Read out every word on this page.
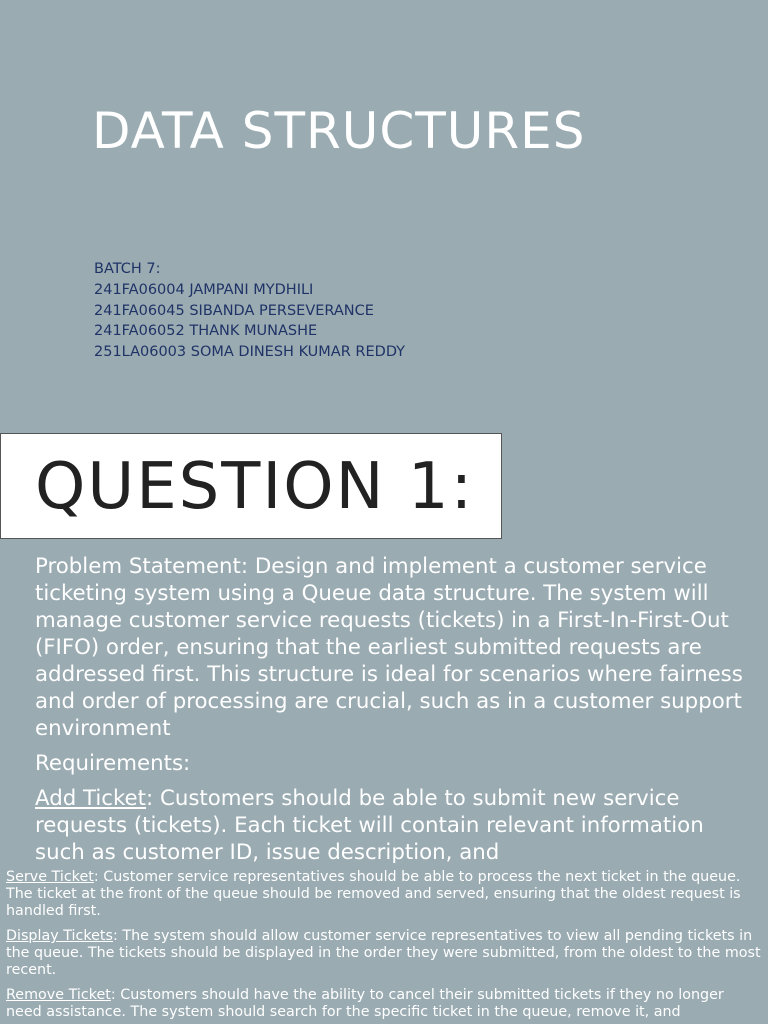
DATA STRUCTURES
BATCH 7:
241FA06004 JAMPANI MYDHILI
241FA06045 SIBANDA PERSEVERANCE
241FA06052 THANK MUNASHE
251LA06003 SOMA DINESH KUMAR REDDY
QUESTION 1:

Problem Statement: Design and implement a customer service ticketing system using a Queue data structure. The system will manage customer service requests (tickets) in a First-In-First-Out (FIFO) order, ensuring that the earliest submitted requests are addressed first. This structure is ideal for scenarios where fairness and order of processing are crucial, such as in a customer support environment

Requirements:

Add Ticket: Customers should be able to submit new service requests (tickets). Each ticket will contain relevant information such as customer ID, issue description, and

Serve Ticket: Customer service representatives should be able to process the next ticket in the queue. The ticket at the front of the queue should be removed and served, ensuring that the oldest request is handled first.

Display Tickets: The system should allow customer service representatives to view all pending tickets in the queue. The tickets should be displayed in the order they were submitted, from the oldest to the most recent.

Remove Ticket: Customers should have the ability to cancel their submitted tickets if they no longer need assistance. The system should search for the specific ticket in the queue, remove it, and
